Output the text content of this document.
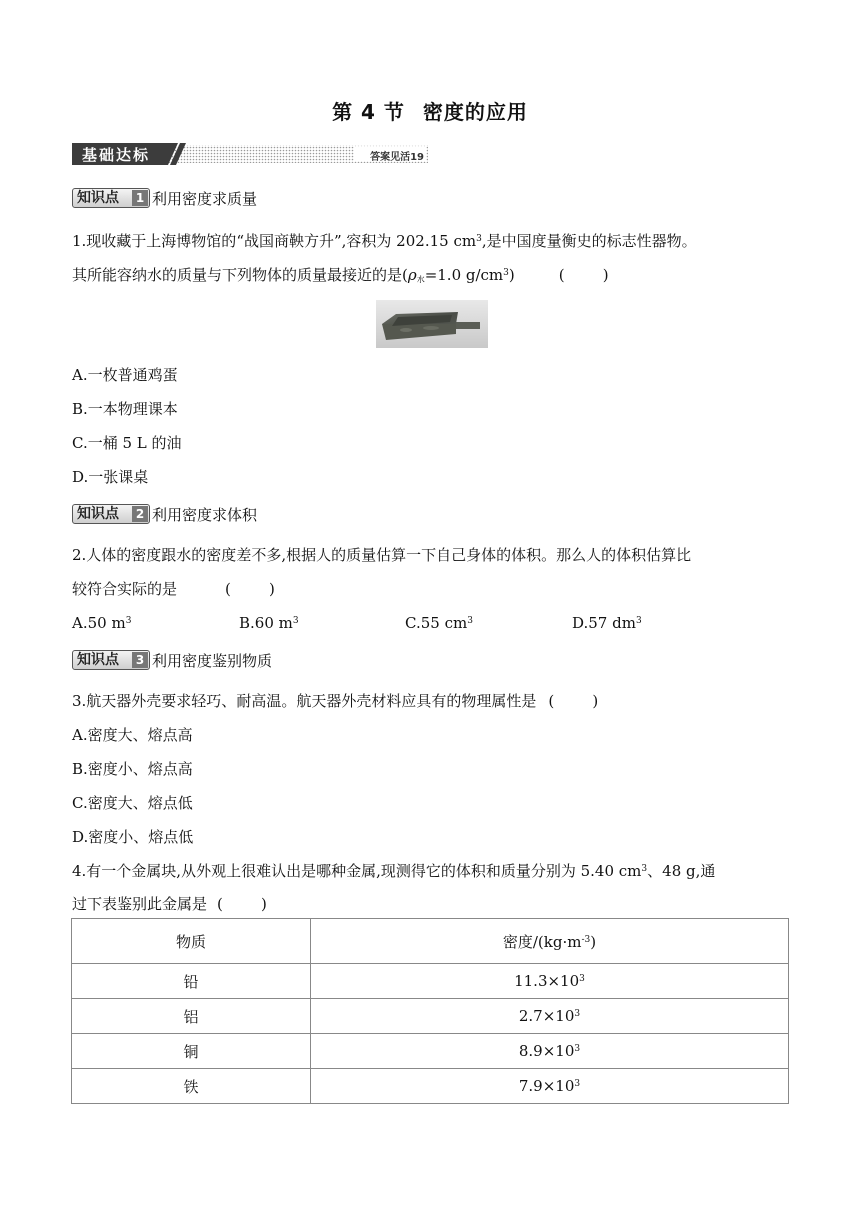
第 4 节 密度的应用
基础达标	答案见活19
知识点	1 利用密度求质量
1.现收藏于上海博物馆的“战国商鞅方升”,容积为 202.15 $cm^3$,是中国度量衡史的标志性器物。
其所能容纳水的质量与下列物体的质量最接近的是($\rho_水=1.0$ $g/cm^3$)	(        )
A.一枚普通鸡蛋
B.一本物理课本
C.一桶 5 L 的油
D.一张课桌
知识点	2 利用密度求体积
2.人体的密度跟水的密度差不多,根据人的质量估算一下自己身体的体积。那么人的体积估算比
较符合实际的是	(        )
A.50 $m^3$	B.60 $m^3$	C.55 $cm^3$	D.57 $dm^3$
知识点	3 利用密度鉴别物质
3.航天器外壳要求轻巧、耐高温。航天器外壳材料应具有的物理属性是 (        )
A.密度大、熔点高
B.密度小、熔点高
C.密度大、熔点低
D.密度小、熔点低
4.有一个金属块,从外观上很难认出是哪种金属,现测得它的体积和质量分别为 5.40 $cm^3$、48 g,通
过下表鉴别此金属是 (        )
物质	密度$/(kg\cdot m^{-3})$
铅	$11.3\times 10^3$
铝	$2.7\times 10^3$
铜	$8.9\times 10^3$
铁	$7.9\times 10^3$
